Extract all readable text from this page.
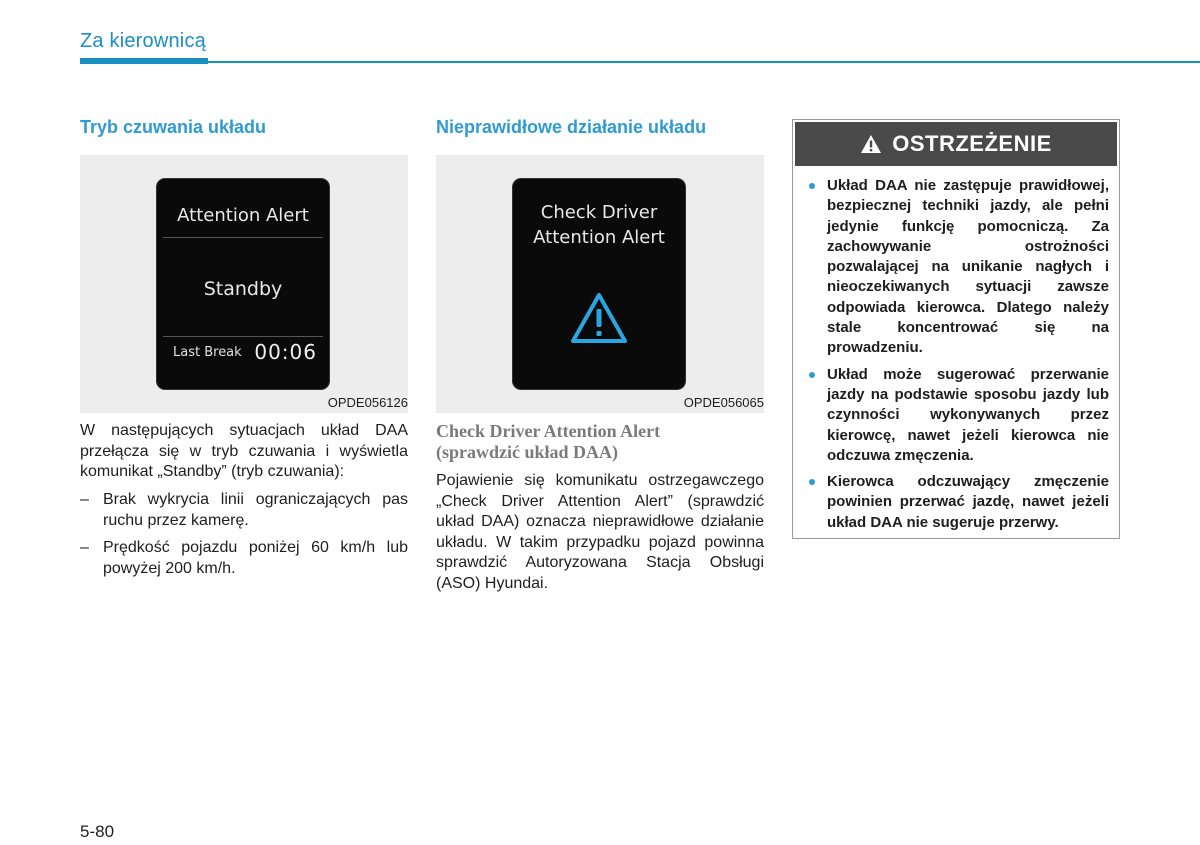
Za kierownicą
Tryb czuwania układu
Attention Alert
Standby
Last Break 00:06
OPDE056126
W następujących sytuacjach układ DAA przełącza się w tryb czuwania i wyświetla komunikat „Standby” (tryb czuwania):
– Brak wykrycia linii ograniczających pas ruchu przez kamerę.
– Prędkość pojazdu poniżej 60 km/h lub powyżej 200 km/h.
Nieprawidłowe działanie układu
Check Driver
Attention Alert
OPDE056065
Check Driver Attention Alert
(sprawdzić układ DAA)
Pojawienie się komunikatu ostrzegawczego „Check Driver Attention Alert” (sprawdzić układ DAA) oznacza nieprawidłowe działanie układu. W takim przypadku pojazd powinna sprawdzić Autoryzowana Stacja Obsługi (ASO) Hyundai.
OSTRZEŻENIE
Układ DAA nie zastępuje prawidłowej, bezpiecznej techniki jazdy, ale pełni jedynie funkcję pomocniczą. Za zachowywanie ostrożności pozwalającej na unikanie nagłych i nieoczekiwanych sytuacji zawsze odpowiada kierowca. Dlatego należy stale koncentrować się na prowadzeniu.
Układ może sugerować przerwanie jazdy na podstawie sposobu jazdy lub czynności wykonywanych przez kierowcę, nawet jeżeli kierowca nie odczuwa zmęczenia.
Kierowca odczuwający zmęczenie powinien przerwać jazdę, nawet jeżeli układ DAA nie sugeruje przerwy.
5-80
